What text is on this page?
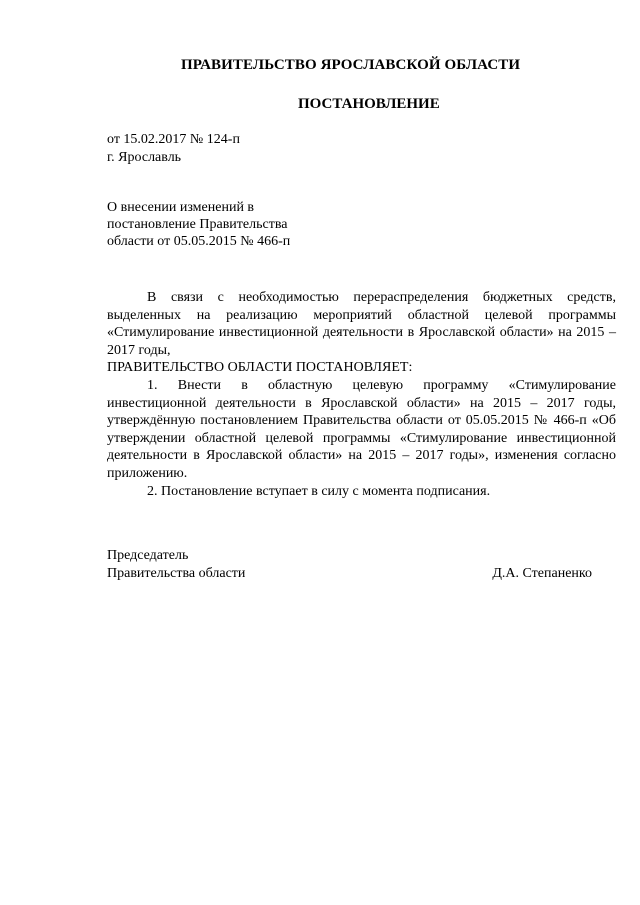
ПРАВИТЕЛЬСТВО ЯРОСЛАВСКОЙ ОБЛАСТИ
ПОСТАНОВЛЕНИЕ
от 15.02.2017 № 124-п
г. Ярославль
О внесении изменений в
постановление Правительства
области от 05.05.2015 № 466-п

В связи с необходимостью перераспределения бюджетных средств, выделенных на реализацию мероприятий областной целевой программы «Стимулирование инвестиционной деятельности в Ярославской области» на 2015 – 2017 годы,

ПРАВИТЕЛЬСТВО ОБЛАСТИ ПОСТАНОВЛЯЕТ:

1. Внести в областную целевую программу «Стимулирование инвестиционной деятельности в Ярославской области» на 2015 – 2017 годы, утверждённую постановлением Правительства области от 05.05.2015 № 466-п «Об утверждении областной целевой программы «Стимулирование инвестиционной деятельности в Ярославской области» на 2015 – 2017 годы», изменения согласно приложению.

2. Постановление вступает в силу с момента подписания.

Председатель
Правительства области	Д.А. Степаненко
